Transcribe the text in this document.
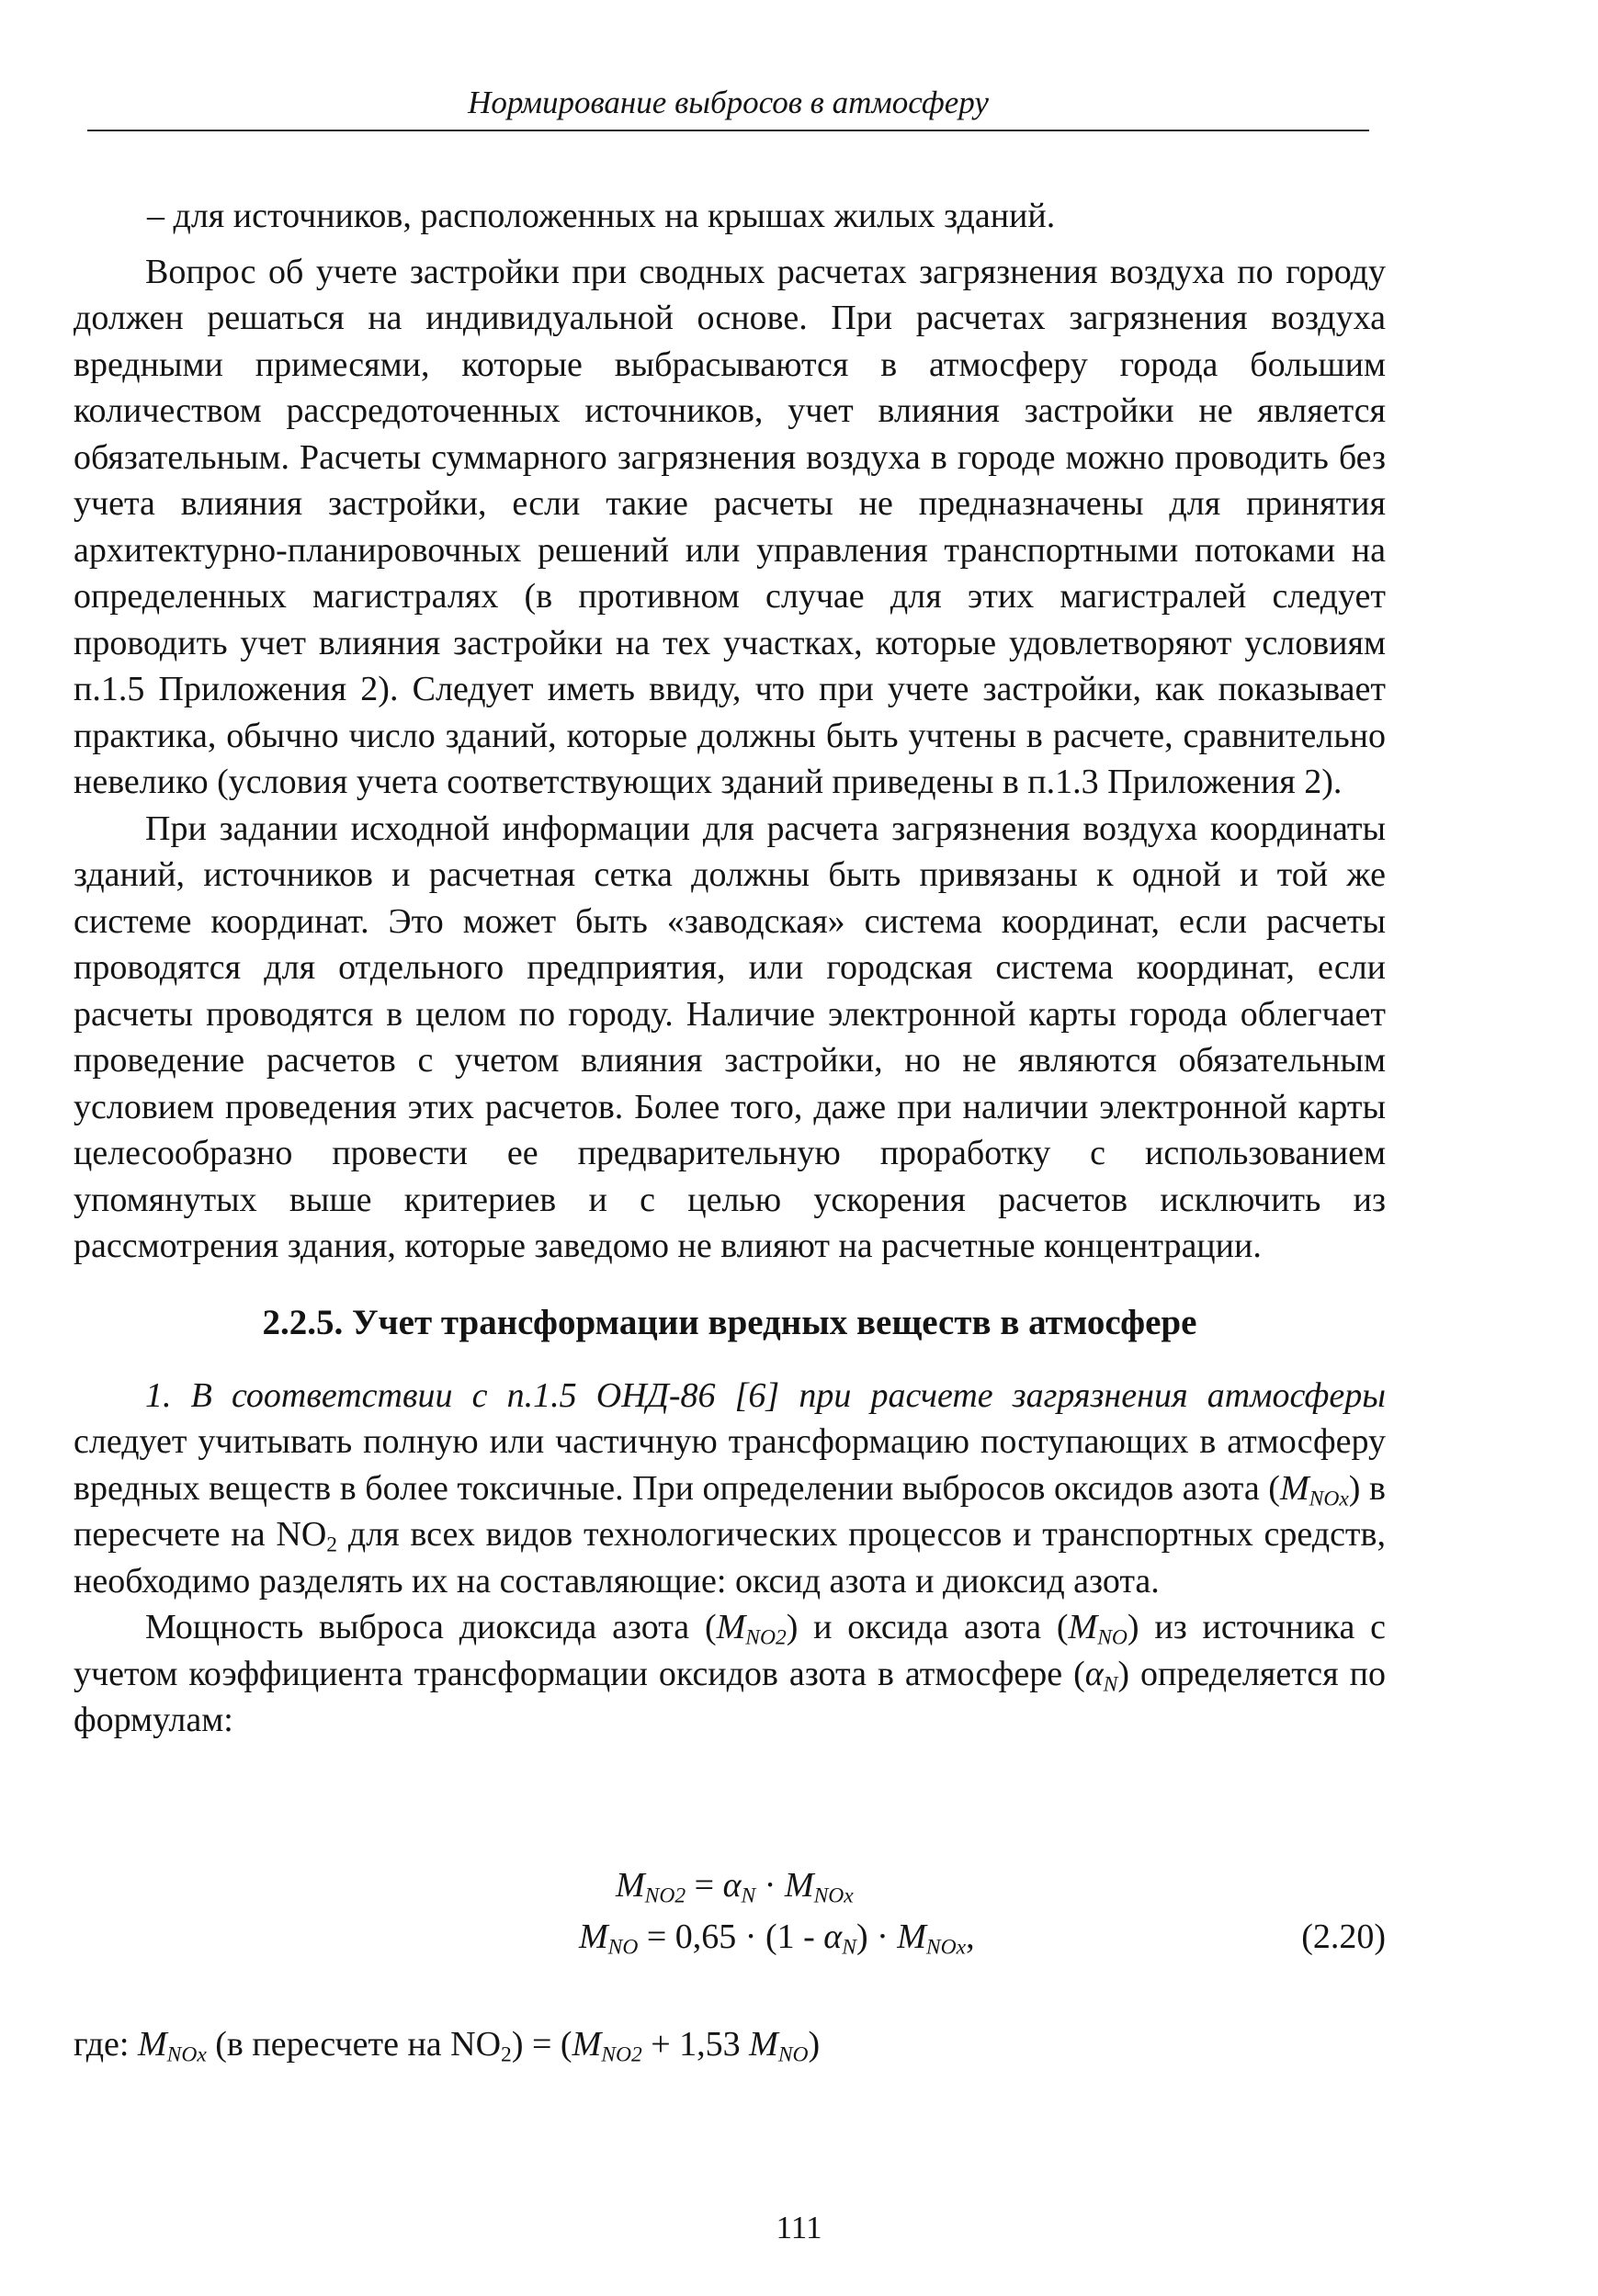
Нормирование выбросов в атмосферу

– для источников, расположенных на крышах жилых зданий.

Вопрос об учете застройки при сводных расчетах загрязнения воздуха по городу должен решаться на индивидуальной основе. При расчетах загрязнения воздуха вредными примесями, которые выбрасываются в атмосферу города большим количеством рассредоточенных источников, учет влияния застройки не является обязательным. Расчеты суммарного загрязнения воздуха в городе можно проводить без учета влияния застройки, если такие расчеты не предназначены для принятия архитектурно-планировочных решений или управления транспортными потоками на определенных магистралях (в противном случае для этих магистралей следует проводить учет влияния застройки на тех участках, которые удовлетворяют условиям п.1.5 Приложения 2). Следует иметь ввиду, что при учете застройки, как показывает практика, обычно число зданий, которые должны быть учтены в расчете, сравнительно невелико (условия учета соответствующих зданий приведены в п.1.3 Приложения 2).

При задании исходной информации для расчета загрязнения воздуха координаты зданий, источников и расчетная сетка должны быть привязаны к одной и той же системе координат. Это может быть «заводская» система координат, если расчеты проводятся для отдельного предприятия, или городская система координат, если расчеты проводятся в целом по городу. Наличие электронной карты города облегчает проведение расчетов с учетом влияния застройки, но не являются обязательным условием проведения этих расчетов. Более того, даже при наличии электронной карты целесообразно провести ее предварительную проработку с использованием упомянутых выше критериев и с целью ускорения расчетов исключить из рассмотрения здания, которые заведомо не влияют на расчетные концентрации.

2.2.5. Учет трансформации вредных веществ в атмосфере

1. В соответствии с п.1.5 ОНД-86 [6] при расчете загрязнения атмосферы следует учитывать полную или частичную трансформацию поступающих в атмосферу вредных веществ в более токсичные. При определении выбросов оксидов азота $(M_{NOx})$ в пересчете на $NO_2$ для всех видов технологических процессов и транспортных средств, необходимо разделять их на составляющие: оксид азота и диоксид азота.

Мощность выброса диоксида азота $(M_{NO2})$ и оксида азота $(M_{NO})$ из источника с учетом коэффициента трансформации оксидов азота в атмосфере $(\alpha_N)$ определяется по формулам:

$M_{NO2} = \alpha_N \cdot M_{NOx}$
$M_{NO} = 0,65 \cdot (1 - \alpha_N) \cdot M_{NOx}$,	(2.20)
где: $M_{NOx}$ (в пересчете на $NO_2) = (M_{NO2} + 1,53$ $M_{NO}$)
111
